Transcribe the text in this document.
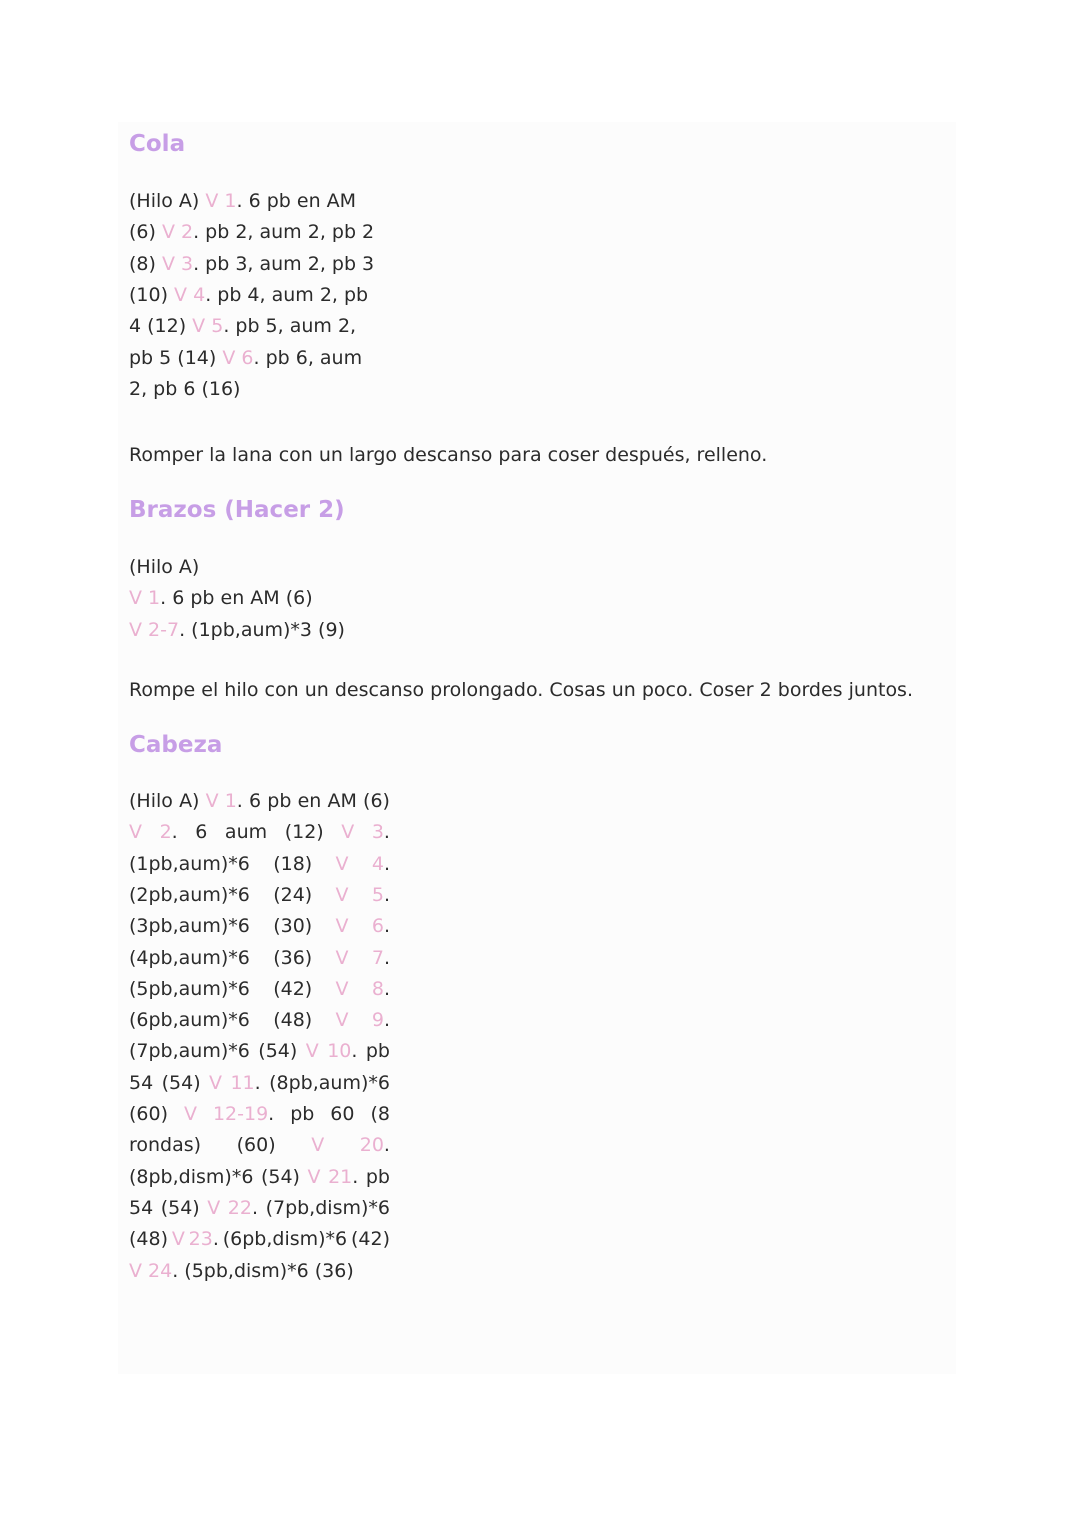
Cola

(Hilo A) V 1. 6 pb en AM

(6) V 2. pb 2, aum 2, pb 2

(8) V 3. pb 3, aum 2, pb 3

(10) V 4. pb 4, aum 2, pb

4 (12) V 5. pb 5, aum 2,

pb 5 (14) V 6. pb 6, aum

2, pb 6 (16)

Romper la lana con un largo descanso para coser después, relleno.

Brazos (Hacer 2)

(Hilo A)

V 1. 6 pb en AM (6)

V 2-7. (1pb,aum)*3 (9)

Rompe el hilo con un descanso prolongado. Cosas un poco. Coser 2 bordes juntos.

Cabeza
(Hilo A) V 1. 6 pb en AM (6)
V 2. 6 aum (12) V 3.
(1pb,aum)*6 (18) V 4.
(2pb,aum)*6 (24) V 5.
(3pb,aum)*6 (30) V 6.
(4pb,aum)*6 (36) V 7.
(5pb,aum)*6 (42) V 8.
(6pb,aum)*6 (48) V 9.
(7pb,aum)*6 (54) V 10. pb
54 (54) V 11. (8pb,aum)*6
(60) V 12-19. pb 60 (8
rondas) (60) V 20.
(8pb,dism)*6 (54) V 21. pb
54 (54) V 22. (7pb,dism)*6
(48) V 23. (6pb,dism)*6 (42)

V 24. (5pb,dism)*6 (36)
